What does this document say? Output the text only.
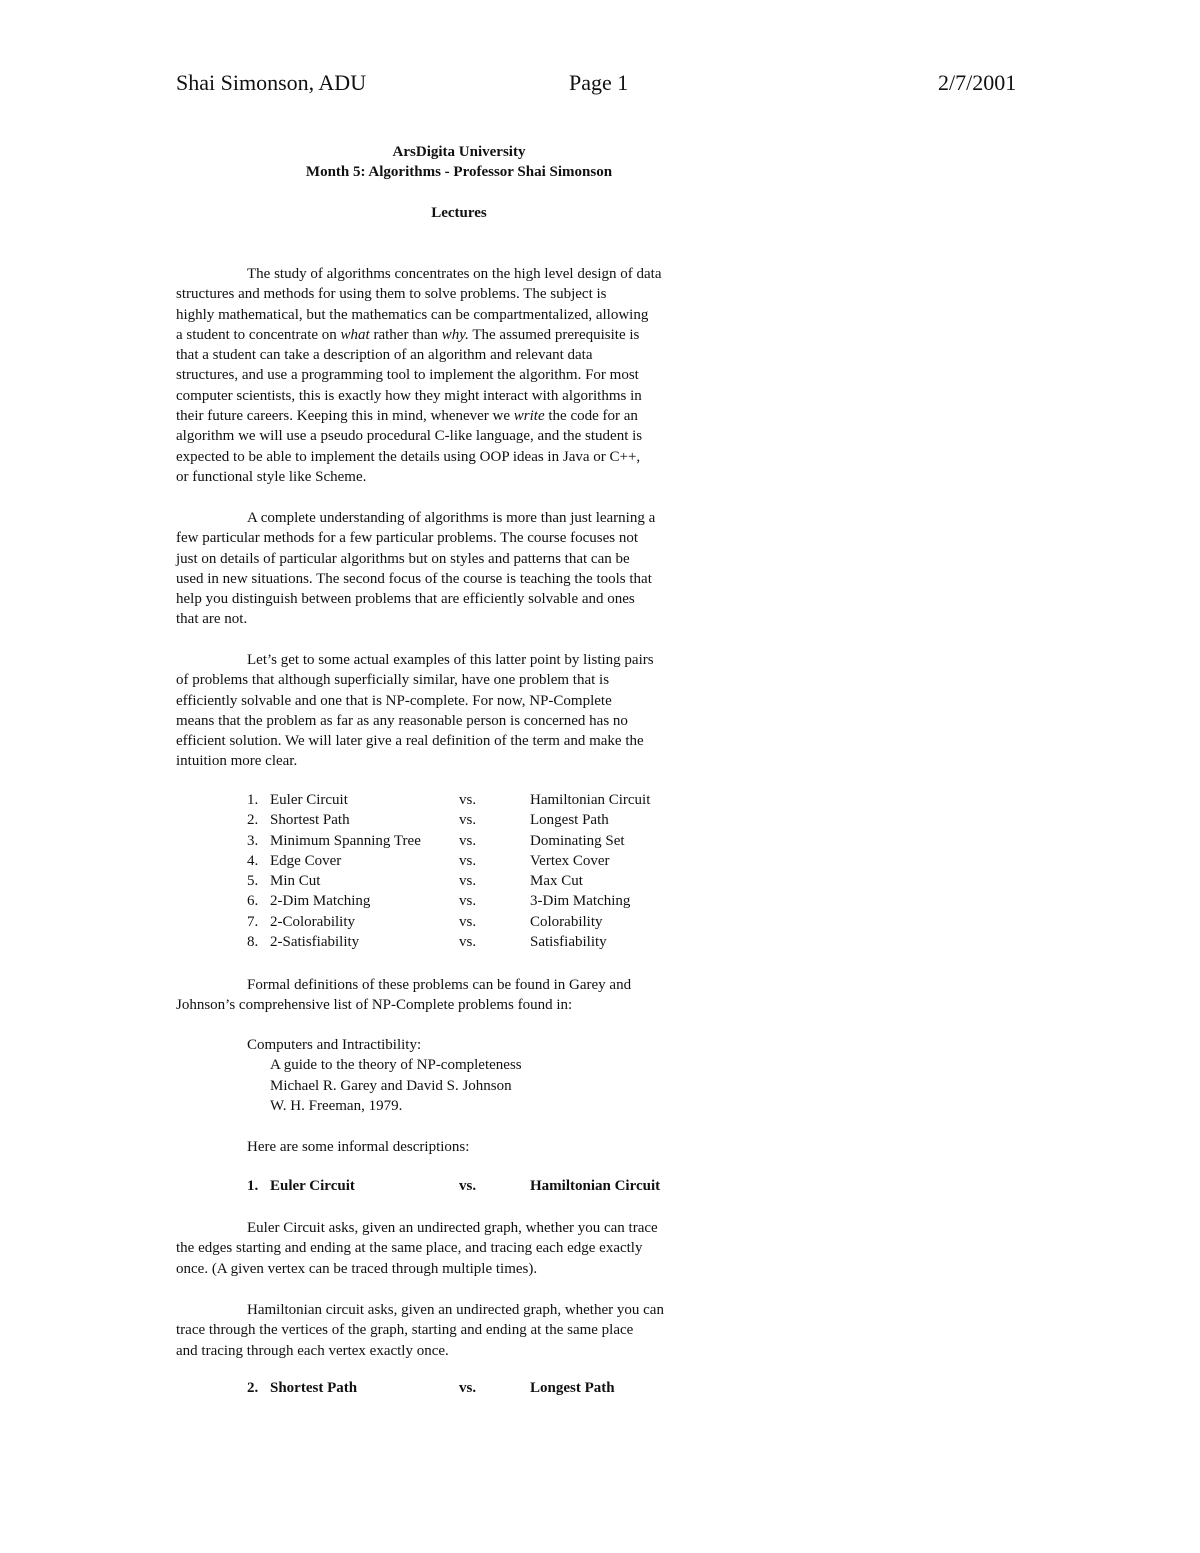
Shai Simonson, ADU	Page 1	2/7/2001
ArsDigita University
Month 5: Algorithms - Professor Shai Simonson
Lectures
The study of algorithms concentrates on the high level design of data
structures and methods for using them to solve problems. The subject is
highly mathematical, but the mathematics can be compartmentalized, allowing
a student to concentrate on what rather than why. The assumed prerequisite is
that a student can take a description of an algorithm and relevant data
structures, and use a programming tool to implement the algorithm. For most
computer scientists, this is exactly how they might interact with algorithms in
their future careers. Keeping this in mind, whenever we write the code for an
algorithm we will use a pseudo procedural C-like language, and the student is
expected to be able to implement the details using OOP ideas in Java or C++,
or functional style like Scheme.
A complete understanding of algorithms is more than just learning a
few particular methods for a few particular problems. The course focuses not
just on details of particular algorithms but on styles and patterns that can be
used in new situations. The second focus of the course is teaching the tools that
help you distinguish between problems that are efficiently solvable and ones
that are not.
Let’s get to some actual examples of this latter point by listing pairs
of problems that although superficially similar, have one problem that is
efficiently solvable and one that is NP-complete. For now, NP-Complete
means that the problem as far as any reasonable person is concerned has no
efficient solution. We will later give a real definition of the term and make the
intuition more clear.
1. Euler Circuit	vs.	Hamiltonian Circuit
2. Shortest Path	vs.	Longest Path
3. Minimum Spanning Tree	vs.	Dominating Set
4. Edge Cover	vs.	Vertex Cover
5. Min Cut	vs.	Max Cut
6. 2-Dim Matching	vs.	3-Dim Matching
7. 2-Colorability	vs.	Colorability
8. 2-Satisfiability	vs.	Satisfiability
Formal definitions of these problems can be found in Garey and
Johnson’s comprehensive list of NP-Complete problems found in:
Computers and Intractibility:
A guide to the theory of NP-completeness
Michael R. Garey and David S. Johnson
W. H. Freeman, 1979.
Here are some informal descriptions:
1. Euler Circuit	vs.	Hamiltonian Circuit
Euler Circuit asks, given an undirected graph, whether you can trace
the edges starting and ending at the same place, and tracing each edge exactly
once. (A given vertex can be traced through multiple times).
Hamiltonian circuit asks, given an undirected graph, whether you can
trace through the vertices of the graph, starting and ending at the same place
and tracing through each vertex exactly once.
2. Shortest Path	vs.	Longest Path
